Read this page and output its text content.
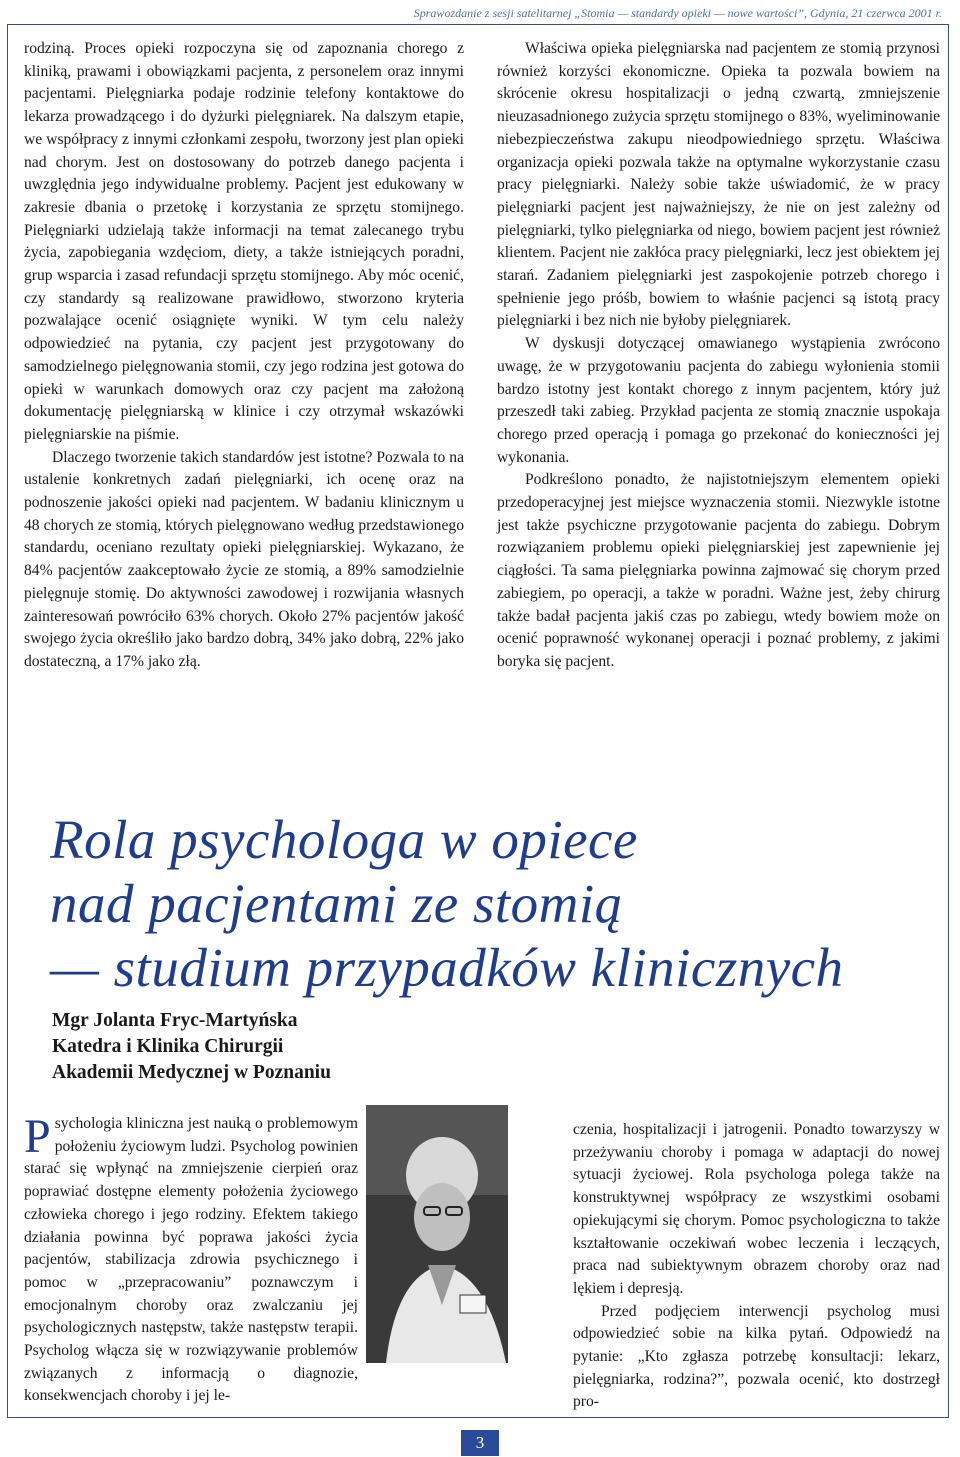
Sprawozdanie z sesji satelitarnej „Stomia — standardy opieki — nowe wartości”, Gdynia, 21 czerwca 2001 r.

rodziną. Proces opieki rozpoczyna się od zapoznania chorego z kliniką, prawami i obowiązkami pacjenta, z personelem oraz innymi pacjentami. Pielęgniarka podaje rodzinie telefony kontaktowe do lekarza prowadzącego i do dyżurki pielęgniarek. Na dalszym etapie, we współpracy z innymi członkami zespołu, tworzony jest plan opieki nad chorym. Jest on dostosowany do potrzeb danego pacjenta i uwzględnia jego indywidualne problemy. Pacjent jest edukowany w zakresie dbania o przetokę i korzystania ze sprzętu stomijnego. Pielęgniarki udzielają także informacji na temat zalecanego trybu życia, zapobiegania wzdęciom, diety, a także istniejących poradni, grup wsparcia i zasad refundacji sprzętu stomijnego. Aby móc ocenić, czy standardy są realizowane prawidłowo, stworzono kryteria pozwalające ocenić osiągnięte wyniki. W tym celu należy odpowiedzieć na pytania, czy pacjent jest przygotowany do samodzielnego pielęgnowania stomii, czy jego rodzina jest gotowa do opieki w warunkach domowych oraz czy pacjent ma założoną dokumentację pielęgniarską w klinice i czy otrzymał wskazówki pielęgniarskie na piśmie.

Dlaczego tworzenie takich standardów jest istotne? Pozwala to na ustalenie konkretnych zadań pielęgniarki, ich ocenę oraz na podnoszenie jakości opieki nad pacjentem. W badaniu klinicznym u 48 chorych ze stomią, których pielęgnowano według przedstawionego standardu, oceniano rezultaty opieki pielęgniarskiej. Wykazano, że 84% pacjentów zaakceptowało życie ze stomią, a 89% samodzielnie pielęgnuje stomię. Do aktywności zawodowej i rozwijania własnych zainteresowań powróciło 63% chorych. Około 27% pacjentów jakość swojego życia określiło jako bardzo dobrą, 34% jako dobrą, 22% jako dostateczną, a 17% jako złą.

Właściwa opieka pielęgniarska nad pacjentem ze stomią przynosi również korzyści ekonomiczne. Opieka ta pozwala bowiem na skrócenie okresu hospitalizacji o jedną czwartą, zmniejszenie nieuzasadnionego zużycia sprzętu stomijnego o 83%, wyeliminowanie niebezpieczeństwa zakupu nieodpowiedniego sprzętu. Właściwa organizacja opieki pozwala także na optymalne wykorzystanie czasu pracy pielęgniarki. Należy sobie także uświadomić, że w pracy pielęgniarki pacjent jest najważniejszy, że nie on jest zależny od pielęgniarki, tylko pielęgniarka od niego, bowiem pacjent jest również klientem. Pacjent nie zakłóca pracy pielęgniarki, lecz jest obiektem jej starań. Zadaniem pielęgniarki jest zaspokojenie potrzeb chorego i spełnienie jego próśb, bowiem to właśnie pacjenci są istotą pracy pielęgniarki i bez nich nie byłoby pielęgniarek.

W dyskusji dotyczącej omawianego wystąpienia zwrócono uwagę, że w przygotowaniu pacjenta do zabiegu wyłonienia stomii bardzo istotny jest kontakt chorego z innym pacjentem, który już przeszedł taki zabieg. Przykład pacjenta ze stomią znacznie uspokaja chorego przed operacją i pomaga go przekonać do konieczności jej wykonania.

Podkreślono ponadto, że najistotniejszym elementem opieki przedoperacyjnej jest miejsce wyznaczenia stomii. Niezwykle istotne jest także psychiczne przygotowanie pacjenta do zabiegu. Dobrym rozwiązaniem problemu opieki pielęgniarskiej jest zapewnienie jej ciągłości. Ta sama pielęgniarka powinna zajmować się chorym przed zabiegiem, po operacji, a także w poradni. Ważne jest, żeby chirurg także badał pacjenta jakiś czas po zabiegu, wtedy bowiem może on ocenić poprawność wykonanej operacji i poznać problemy, z jakimi boryka się pacjent.

Rola psychologa w opiece
nad pacjentami ze stomią
— studium przypadków klinicznych
Mgr Jolanta Fryc-Martyńska
Katedra i Klinika Chirurgii
Akademii Medycznej w Poznaniu
Psychologia kliniczna jest nauką o problemowym położeniu życiowym ludzi. Psycholog powinien starać się wpłynąć na zmniejszenie cierpień oraz poprawiać dostępne elementy położenia życiowego człowieka chorego i jego rodziny. Efektem takiego działania powinna być poprawa jakości życia pacjentów, stabilizacja zdrowia psychicznego i pomoc w „przepracowaniu” poznawczym i emocjonalnym choroby oraz zwalczaniu jej psychologicznych następstw, także następstw terapii. Psycholog włącza się w rozwiązywanie problemów związanych z informacją o diagnozie, konsekwencjach choroby i jej le-

czenia, hospitalizacji i jatrogenii. Ponadto towarzyszy w przeżywaniu choroby i pomaga w adaptacji do nowej sytuacji życiowej. Rola psychologa polega także na konstruktywnej współpracy ze wszystkimi osobami opiekującymi się chorym. Pomoc psychologiczna to także kształtowanie oczekiwań wobec leczenia i leczących, praca nad subiektywnym obrazem choroby oraz nad lękiem i depresją.

Przed podjęciem interwencji psycholog musi odpowiedzieć sobie na kilka pytań. Odpowiedź na pytanie: „Kto zgłasza potrzebę konsultacji: lekarz, pielęgniarka, rodzina?”, pozwala ocenić, kto dostrzegł pro-

3
